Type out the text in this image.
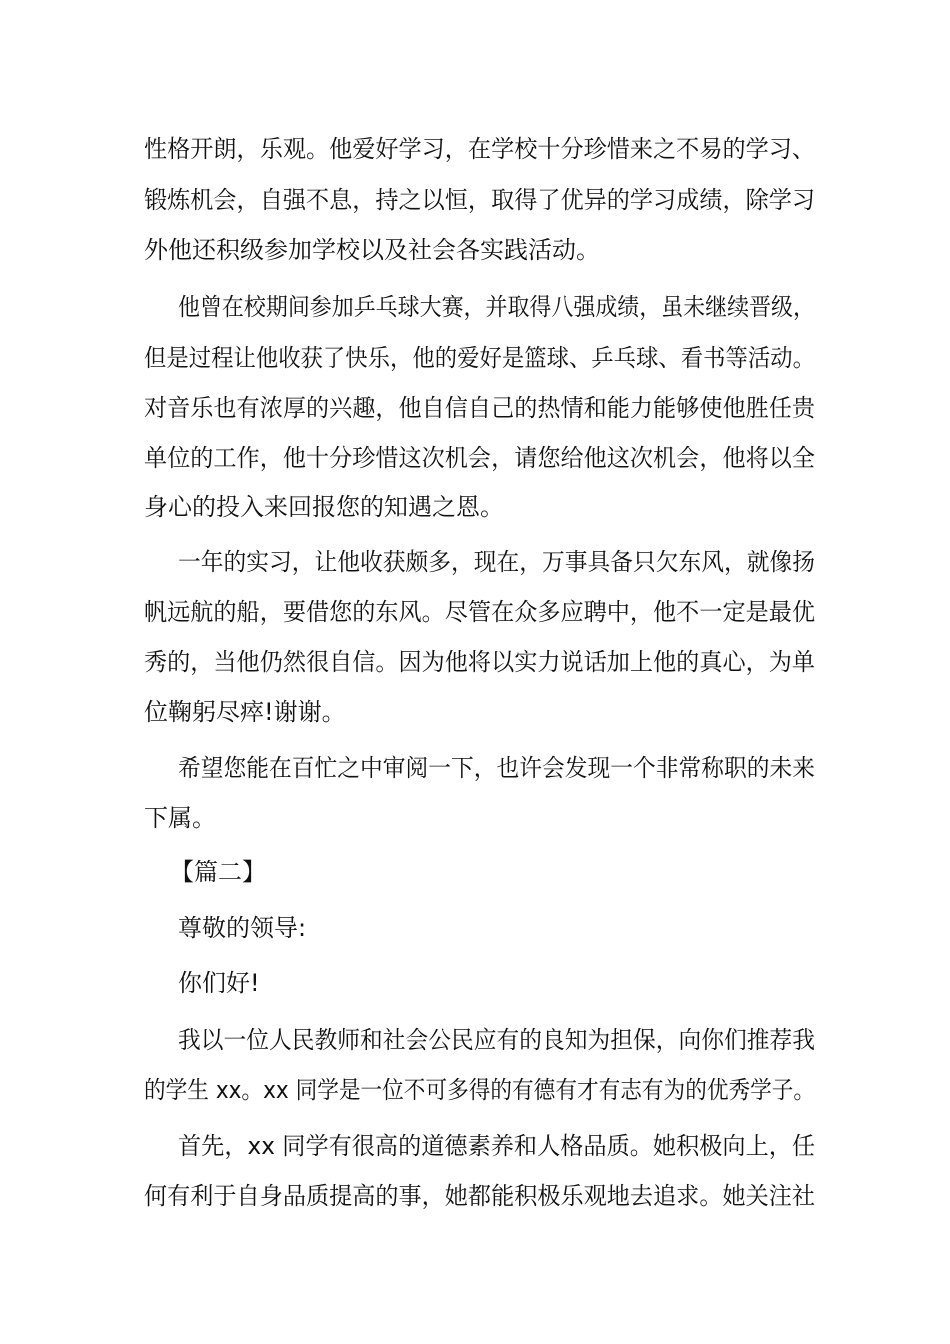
性格开朗，乐观。他爱好学习，在学校十分珍惜来之不易的学习、
锻炼机会，自强不息，持之以恒，取得了优异的学习成绩，除学习
外他还积级参加学校以及社会各实践活动。
他曾在校期间参加乒乓球大赛，并取得八强成绩，虽未继续晋级，
但是过程让他收获了快乐，他的爱好是篮球、乒乓球、看书等活动。
对音乐也有浓厚的兴趣，他自信自己的热情和能力能够使他胜任贵
单位的工作，他十分珍惜这次机会，请您给他这次机会，他将以全
身心的投入来回报您的知遇之恩。
一年的实习，让他收获颇多，现在，万事具备只欠东风，就像扬
帆远航的船，要借您的东风。尽管在众多应聘中，他不一定是最优
秀的，当他仍然很自信。因为他将以实力说话加上他的真心，为单
位鞠躬尽瘁!谢谢。
希望您能在百忙之中审阅一下，也许会发现一个非常称职的未来
下属。
【篇二】
尊敬的领导:
你们好!
我以一位人民教师和社会公民应有的良知为担保，向你们推荐我
的学生 xx。xx 同学是一位不可多得的有德有才有志有为的优秀学子。
首先，xx 同学有很高的道德素养和人格品质。她积极向上，任
何有利于自身品质提高的事，她都能积极乐观地去追求。她关注社
